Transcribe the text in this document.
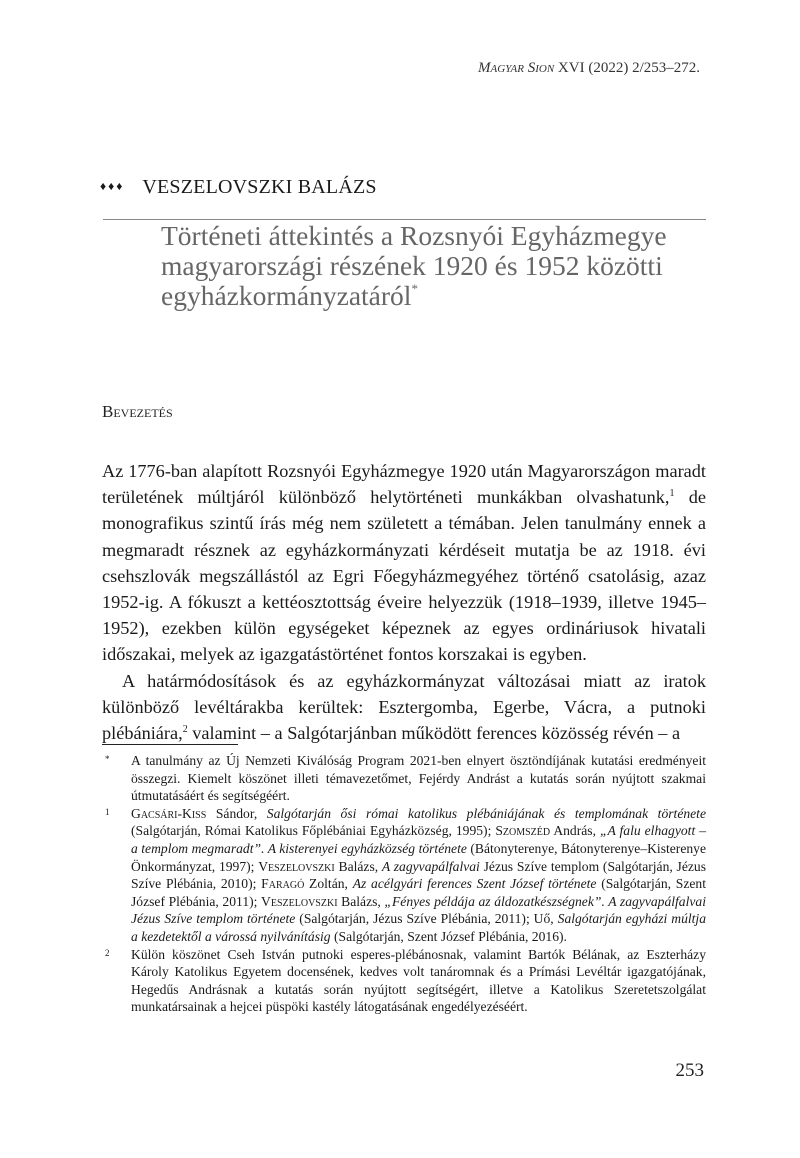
Magyar Sion XVI (2022) 2/253–272.
♦♦♦ VESZELOVSZKI BALÁZS
Történeti áttekintés a Rozsnyói Egyházmegye magyarországi részének 1920 és 1952 közötti egyházkormányzatáról*
Bevezetés

Az 1776-ban alapított Rozsnyói Egyházmegye 1920 után Magyarországon maradt területének múltjáról különböző helytörténeti munkákban olvashatunk,$^1$ de monografikus szintű írás még nem született a témában. Jelen tanulmány ennek a megmaradt résznek az egyházkormányzati kérdéseit mutatja be az 1918. évi csehszlovák megszállástól az Egri Főegyházmegyéhez történő csatolásig, azaz 1952-ig. A fókuszt a kettéosztottság éveire helyezzük (1918–1939, illetve 1945–1952), ezekben külön egységeket képeznek az egyes ordináriusok hivatali időszakai, melyek az igazgatástörténet fontos korszakai is egyben.

A határmódosítások és az egyházkormányzat változásai miatt az iratok különböző levéltárakba kerültek: Esztergomba, Egerbe, Vácra, a putnoki plébániára,$^2$ valamint – a Salgótarjánban működött ferences közösség révén – a

*	A tanulmány az Új Nemzeti Kiválóság Program 2021-ben elnyert ösztöndíjának kutatási eredményeit összegzi. Kiemelt köszönet illeti témavezetőmet, Fejérdy Andrást a kutatás során nyújtott szakmai útmutatásáért és segítségéért.
1	Gacsári-Kiss Sándor, Salgótarján ősi római katolikus plébániájának és templomának története (Salgótarján, Római Katolikus Főplébániai Egyházközség, 1995); Szomszéd András, „A falu elhagyott – a templom megmaradt”. A kisterenyei egyházközség története (Bátonyterenye, Bátonyterenye–Kisterenye Önkormányzat, 1997); Veszelovszki Balázs, A zagyvapálfalvai Jézus Szíve templom (Salgótarján, Jézus Szíve Plébánia, 2010); Faragó Zoltán, Az acélgyári ferences Szent József története (Salgótarján, Szent József Plébánia, 2011); Veszelovszki Balázs, „Fényes példája az áldozatkészségnek”. A zagyvapálfalvai Jézus Szíve templom története (Salgótarján, Jézus Szíve Plébánia, 2011); Uő, Salgótarján egyházi múltja a kezdetektől a várossá nyilvánításig (Salgótarján, Szent József Plébánia, 2016).
2	Külön köszönet Cseh István putnoki esperes-plébánosnak, valamint Bartók Bélának, az Eszterházy Károly Katolikus Egyetem docensének, kedves volt tanáromnak és a Prímási Levéltár igazgatójának, Hegedűs Andrásnak a kutatás során nyújtott segítségért, illetve a Katolikus Szeretetszolgálat munkatársainak a hejcei püspöki kastély látogatásának engedélyezéséért.
253
